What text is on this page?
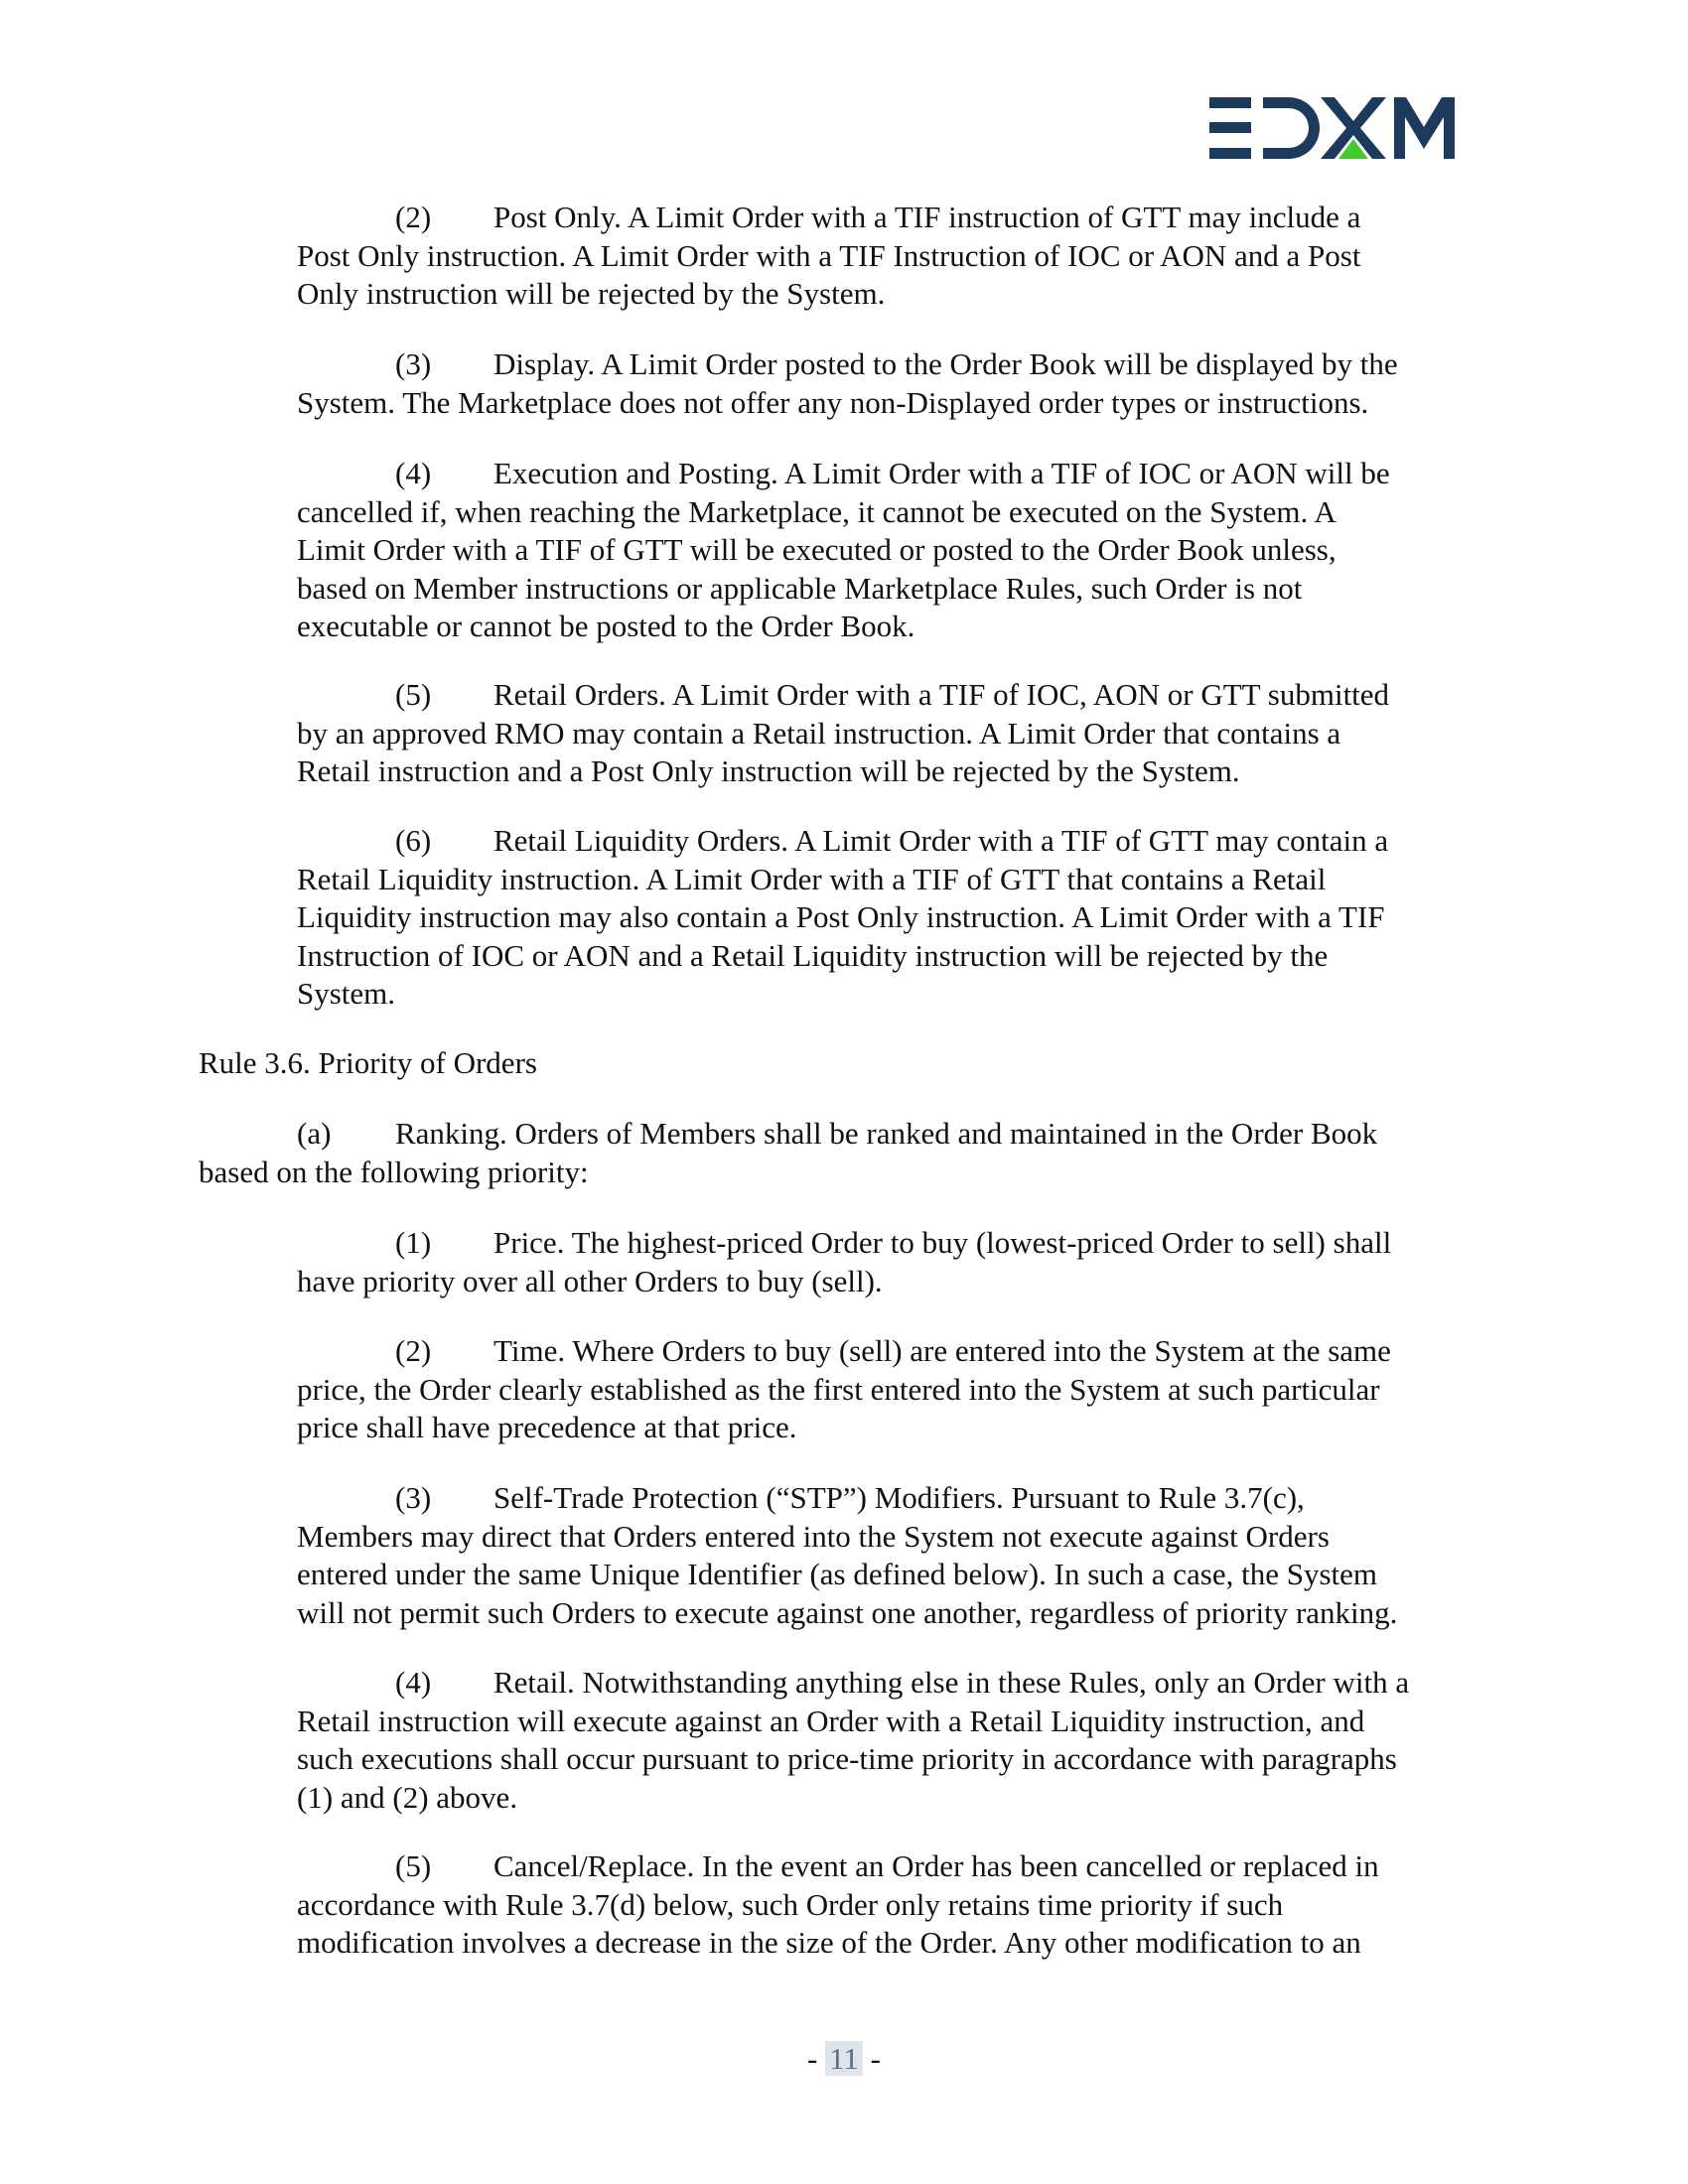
(2) Post Only. A Limit Order with a TIF instruction of GTT may include a
Post Only instruction. A Limit Order with a TIF Instruction of IOC or AON and a Post
Only instruction will be rejected by the System.
(3) Display. A Limit Order posted to the Order Book will be displayed by the
System. The Marketplace does not offer any non-Displayed order types or instructions.
(4) Execution and Posting. A Limit Order with a TIF of IOC or AON will be
cancelled if, when reaching the Marketplace, it cannot be executed on the System. A
Limit Order with a TIF of GTT will be executed or posted to the Order Book unless,
based on Member instructions or applicable Marketplace Rules, such Order is not
executable or cannot be posted to the Order Book.
(5) Retail Orders. A Limit Order with a TIF of IOC, AON or GTT submitted
by an approved RMO may contain a Retail instruction. A Limit Order that contains a
Retail instruction and a Post Only instruction will be rejected by the System.
(6) Retail Liquidity Orders. A Limit Order with a TIF of GTT may contain a
Retail Liquidity instruction. A Limit Order with a TIF of GTT that contains a Retail
Liquidity instruction may also contain a Post Only instruction. A Limit Order with a TIF
Instruction of IOC or AON and a Retail Liquidity instruction will be rejected by the
System.

Rule 3.6. Priority of Orders

(a) Ranking. Orders of Members shall be ranked and maintained in the Order Book
based on the following priority:
(1) Price. The highest-priced Order to buy (lowest-priced Order to sell) shall
have priority over all other Orders to buy (sell).
(2) Time. Where Orders to buy (sell) are entered into the System at the same
price, the Order clearly established as the first entered into the System at such particular
price shall have precedence at that price.
(3) Self-Trade Protection (“STP”) Modifiers. Pursuant to Rule 3.7(c),
Members may direct that Orders entered into the System not execute against Orders
entered under the same Unique Identifier (as defined below). In such a case, the System
will not permit such Orders to execute against one another, regardless of priority ranking.
(4) Retail. Notwithstanding anything else in these Rules, only an Order with a
Retail instruction will execute against an Order with a Retail Liquidity instruction, and
such executions shall occur pursuant to price-time priority in accordance with paragraphs
(1) and (2) above.
(5) Cancel/Replace. In the event an Order has been cancelled or replaced in
accordance with Rule 3.7(d) below, such Order only retains time priority if such
modification involves a decrease in the size of the Order. Any other modification to an
- 11 -
